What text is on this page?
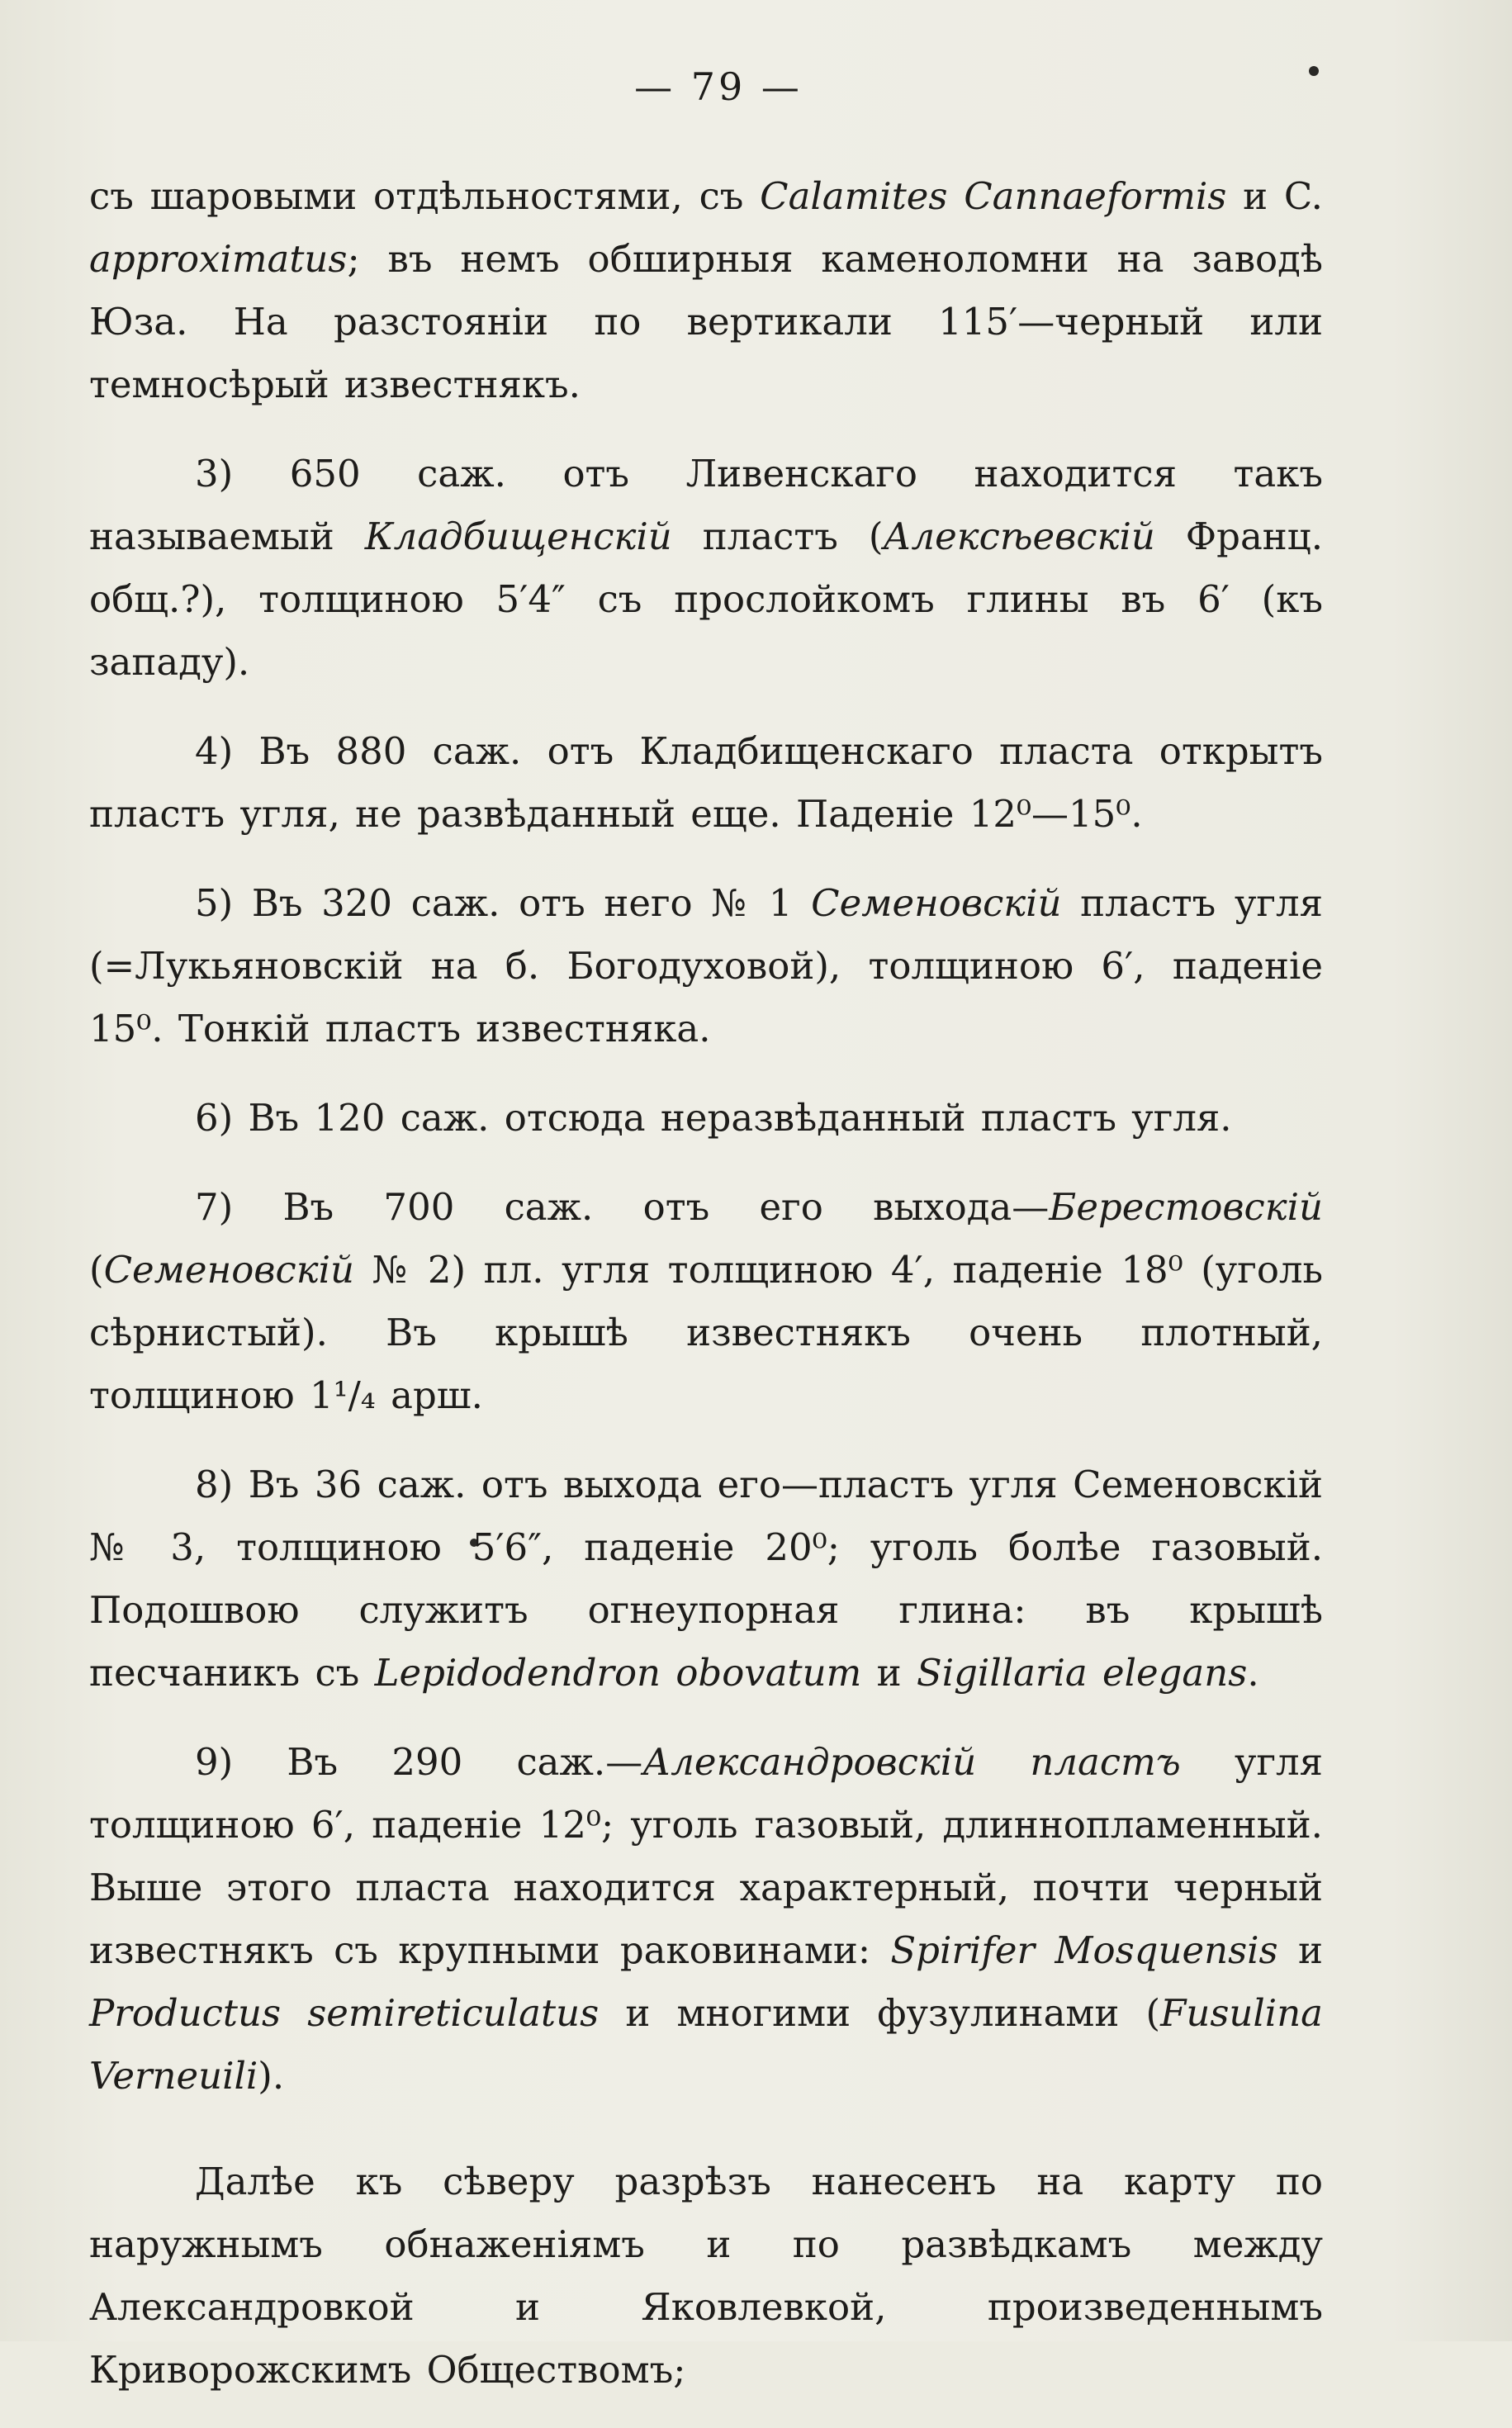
— 79 —

съ шаровыми отдѣльностями, съ Calamites Cannaeformis и C. approximatus; въ немъ обширныя каменоломни на заводѣ Юза. На разстояніи по вертикали 115′—черный или темносѣрый известнякъ.

3) 650 саж. отъ Ливенскаго находится такъ называемый Кладбищенскій пластъ (Алексѣевскій Франц. общ.?), толщиною 5′4″ съ прослойкомъ глины въ 6′ (къ западу).

4) Въ 880 саж. отъ Кладбищенскаго пласта открытъ пластъ угля, не развѣданный еще. Паденіе 12⁰—15⁰.

5) Въ 320 саж. отъ него № 1 Семеновскій пластъ угля (=Лукьяновскій на б. Богодуховой), толщиною 6′, паденіе 15⁰. Тонкій пластъ известняка.

6) Въ 120 саж. отсюда неразвѣданный пластъ угля.

7) Въ 700 саж. отъ его выхода—Берестовскій (Семеновскій № 2) пл. угля толщиною 4′, паденіе 18⁰ (уголь сѣрнистый). Въ крышѣ известнякъ очень плотный, толщиною 1¹/₄ арш.

8) Въ 36 саж. отъ выхода его—пластъ угля Семеновскій № 3, толщиною 5′6″, паденіе 20⁰; уголь болѣе газовый. Подошвою служитъ огнеупорная глина: въ крышѣ песчаникъ съ Lepidodendron obovatum и Sigillaria elegans.

9) Въ 290 саж.—Александровскій пластъ угля толщиною 6′, паденіе 12⁰; уголь газовый, длиннопламенный. Выше этого пласта находится характерный, почти черный известнякъ съ крупными раковинами: Spirifer Mosquensis и Productus semireticulatus и многими фузулинами (Fusulina Verneuili).

Далѣе къ сѣверу разрѣзъ нанесенъ на карту по наружнымъ обнаженіямъ и по развѣдкамъ между Александровкой и Яковлевкой, произведеннымъ Криворожскимъ Обществомъ;
